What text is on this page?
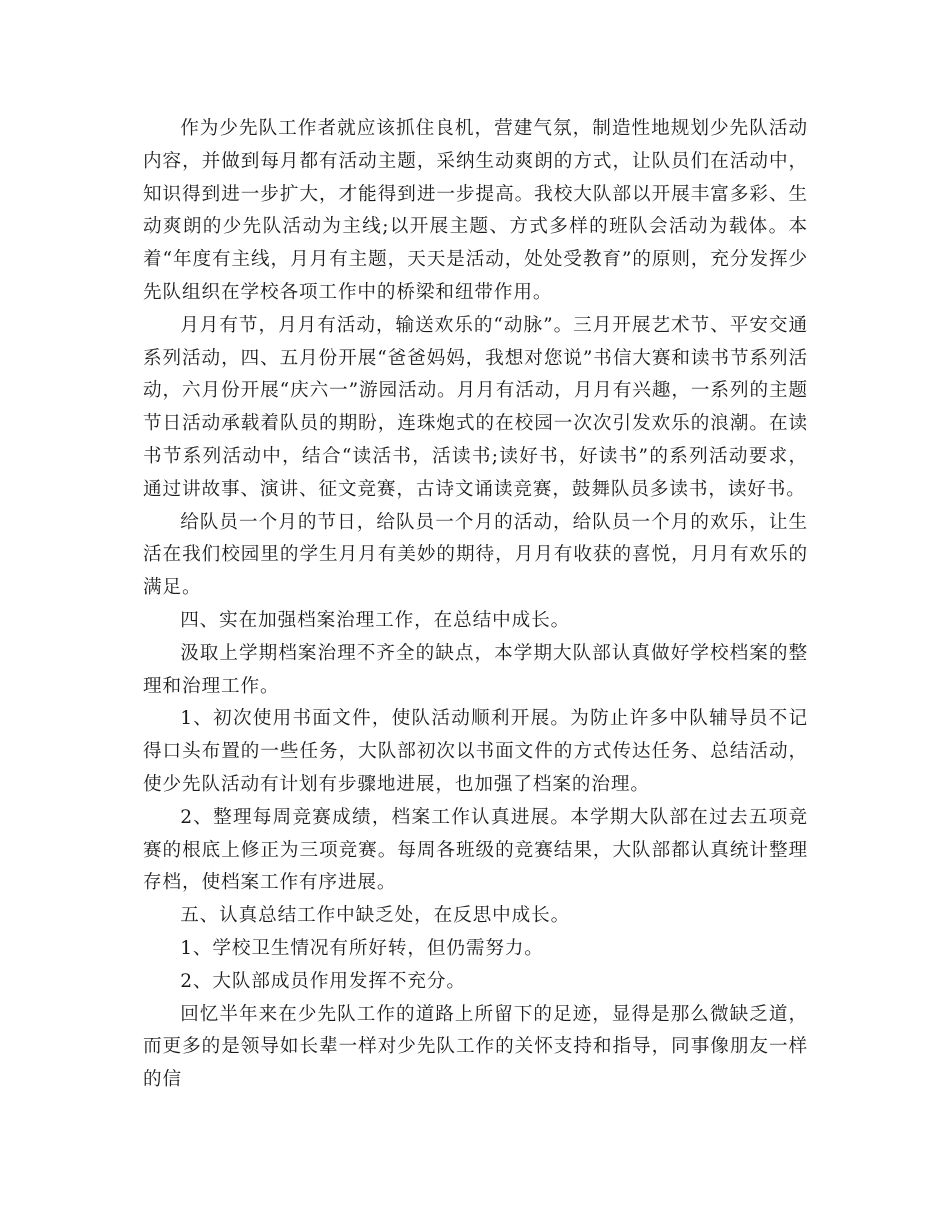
作为少先队工作者就应该抓住良机，营建气氛，制造性地规划少先队活动内容，并做到每月都有活动主题，采纳生动爽朗的方式，让队员们在活动中，知识得到进一步扩大，才能得到进一步提高。我校大队部以开展丰富多彩、生动爽朗的少先队活动为主线;以开展主题、方式多样的班队会活动为载体。本着“年度有主线，月月有主题，天天是活动，处处受教育”的原则，充分发挥少先队组织在学校各项工作中的桥梁和纽带作用。

月月有节，月月有活动，输送欢乐的“动脉”。三月开展艺术节、平安交通系列活动，四、五月份开展“爸爸妈妈，我想对您说”书信大赛和读书节系列活动，六月份开展“庆六一”游园活动。月月有活动，月月有兴趣，一系列的主题节日活动承载着队员的期盼，连珠炮式的在校园一次次引发欢乐的浪潮。在读书节系列活动中，结合“读活书，活读书;读好书，好读书”的系列活动要求，通过讲故事、演讲、征文竞赛，古诗文诵读竞赛，鼓舞队员多读书，读好书。

给队员一个月的节日，给队员一个月的活动，给队员一个月的欢乐，让生活在我们校园里的学生月月有美妙的期待，月月有收获的喜悦，月月有欢乐的满足。

四、实在加强档案治理工作，在总结中成长。

汲取上学期档案治理不齐全的缺点，本学期大队部认真做好学校档案的整理和治理工作。

1、初次使用书面文件，使队活动顺利开展。为防止许多中队辅导员不记得口头布置的一些任务，大队部初次以书面文件的方式传达任务、总结活动，使少先队活动有计划有步骤地进展，也加强了档案的治理。

2、整理每周竞赛成绩，档案工作认真进展。本学期大队部在过去五项竞赛的根底上修正为三项竞赛。每周各班级的竞赛结果，大队部都认真统计整理存档，使档案工作有序进展。

五、认真总结工作中缺乏处，在反思中成长。

1、学校卫生情况有所好转，但仍需努力。

2、大队部成员作用发挥不充分。

回忆半年来在少先队工作的道路上所留下的足迹，显得是那么微缺乏道，而更多的是领导如长辈一样对少先队工作的关怀支持和指导，同事像朋友一样的信
